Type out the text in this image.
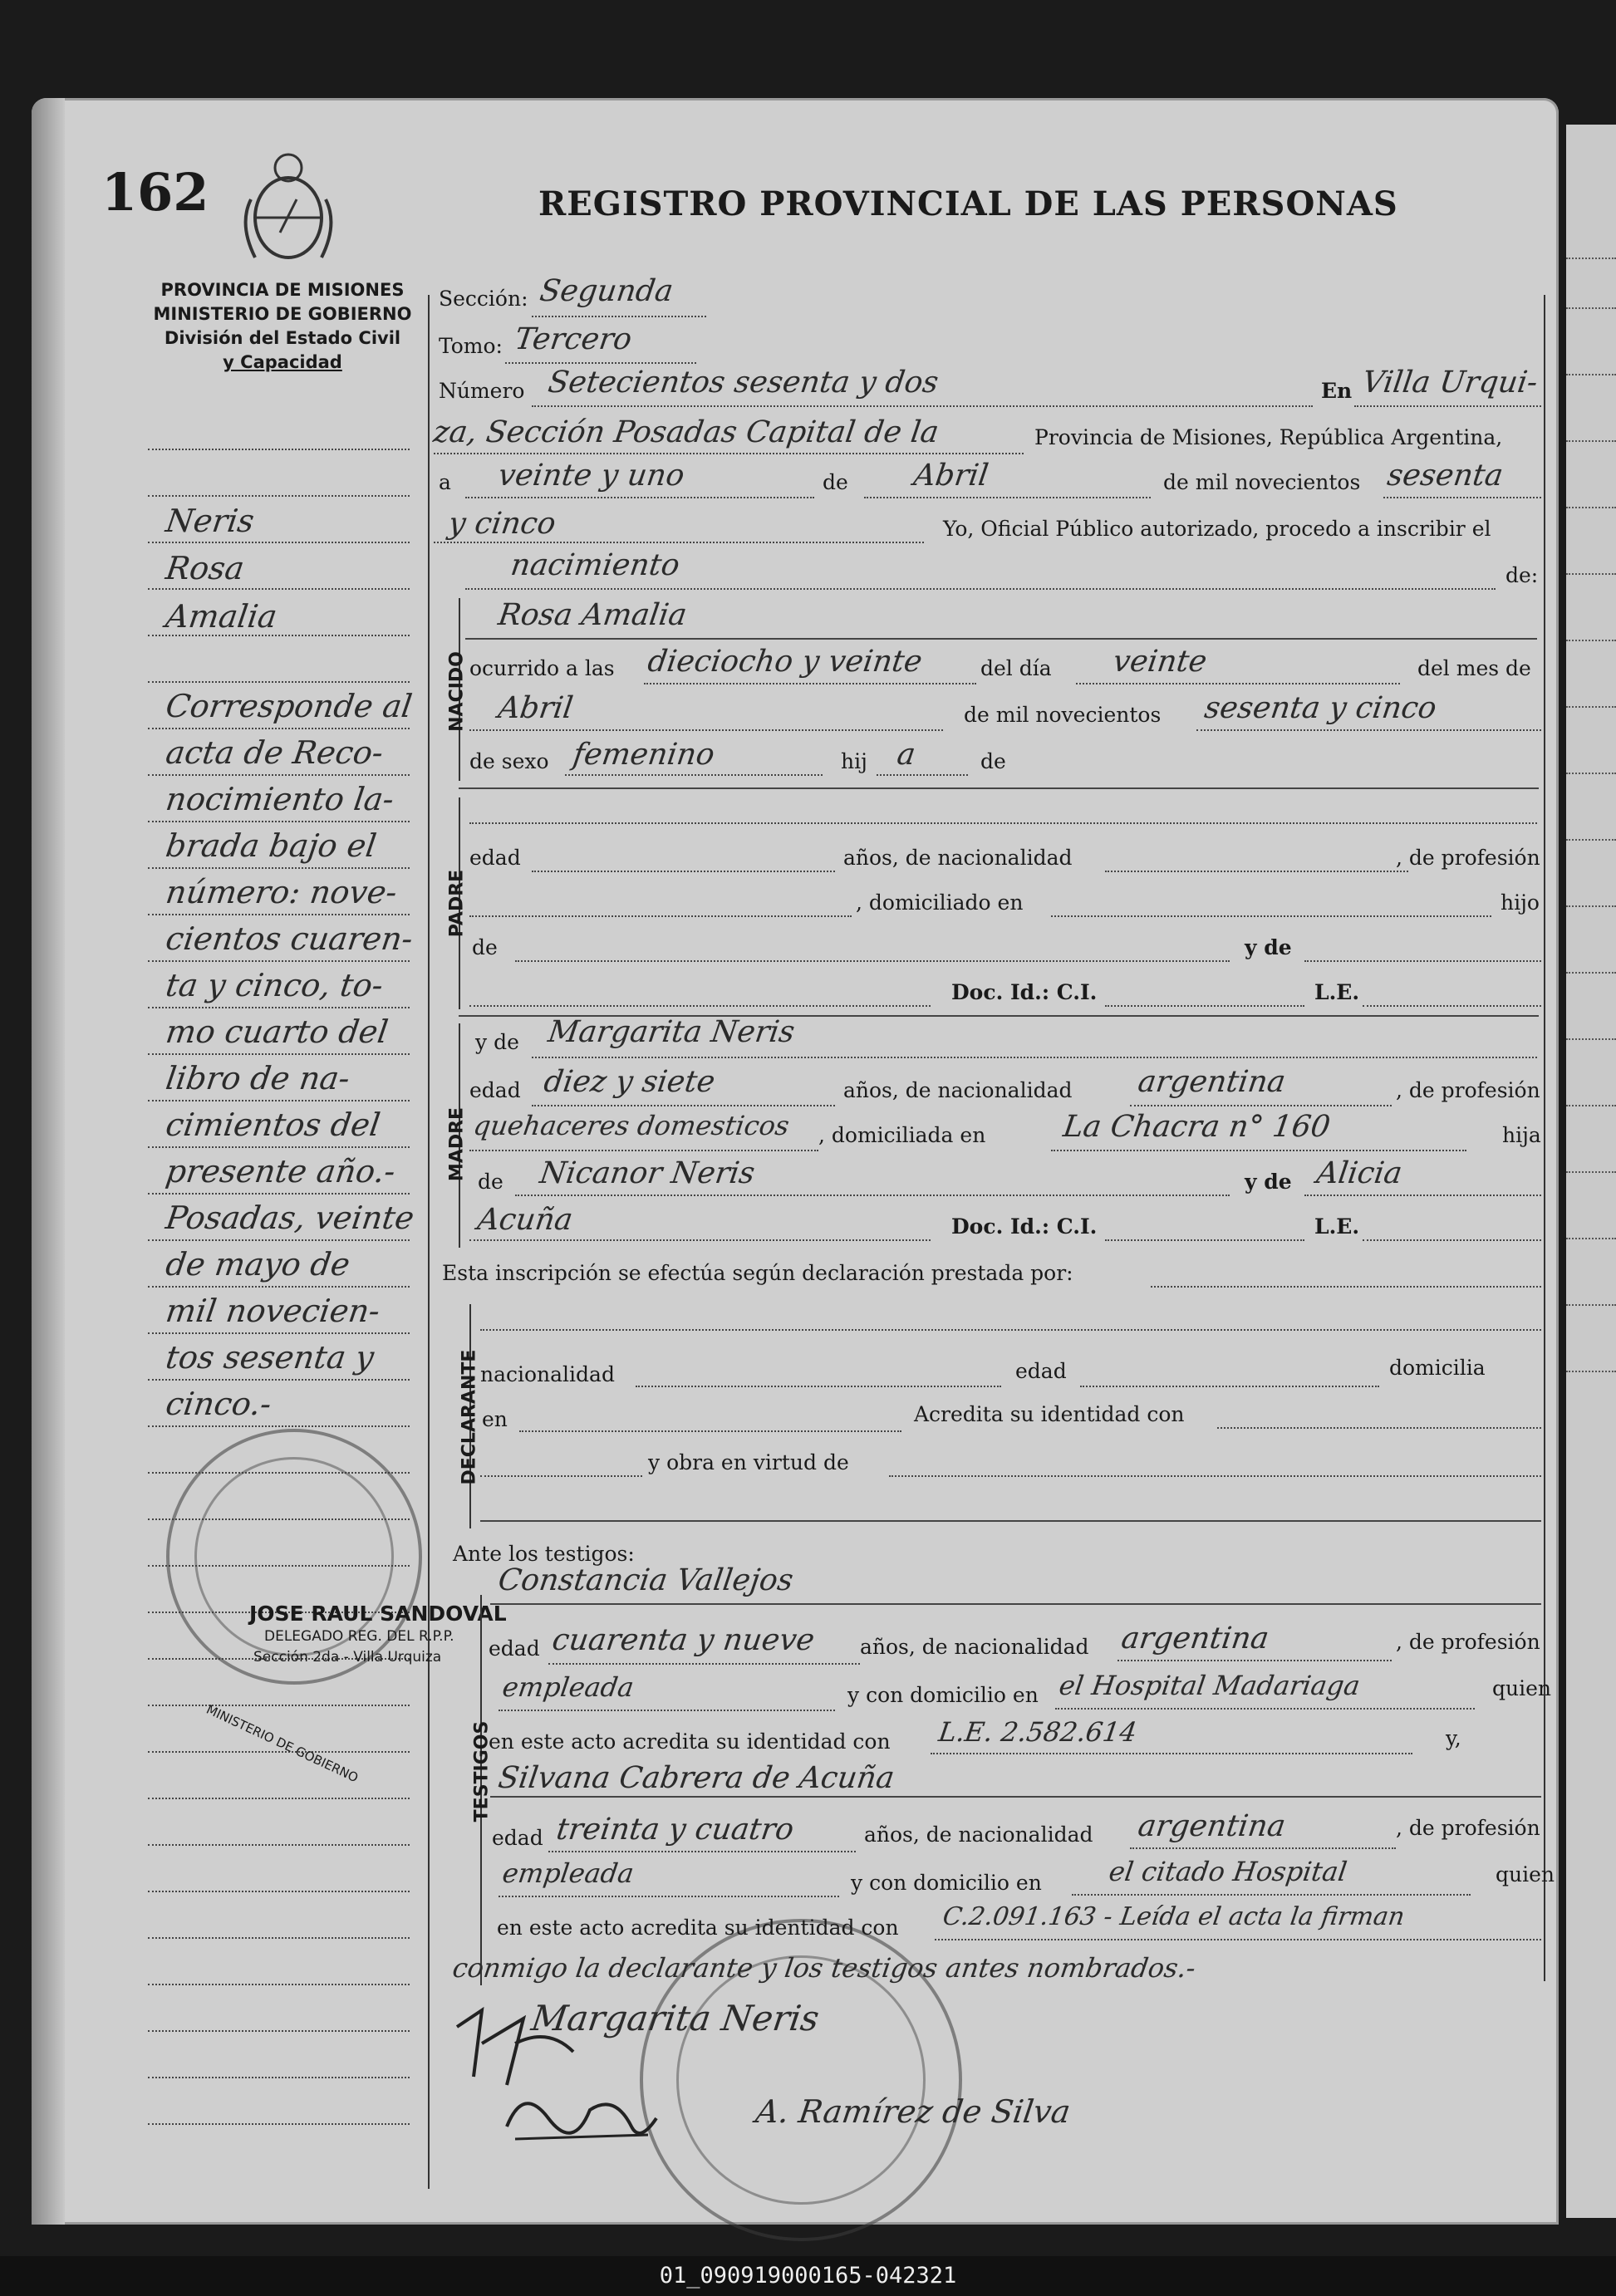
162	REGISTRO PROVINCIAL DE LAS PERSONAS
PROVINCIA DE MISIONES
MINISTERIO DE GOBIERNO
División del Estado Civil
y Capacidad
Neris
Rosa
Amalia
Corresponde al
acta de Reco-
nocimiento la-
brada bajo el
número: nove-
cientos cuaren-
ta y cinco, to-
mo cuarto del
libro de na-
cimientos del
presente año.-
Posadas, veinte
de mayo de
mil novecien-
tos sesenta y
cinco.-
JOSE RAUL SANDOVAL
DELEGADO REG. DEL R.P.P.
Sección 2da - Villa Urquiza
MINISTERIO DE GOBIERNO
Sección: Segunda
Tomo: Tercero
Número Setecientos sesenta y dos	En Villa Urqui-
za, Sección Posadas Capital de la	Provincia de Misiones, República Argentina,
a veinte y uno	de Abril	de mil novecientos sesenta
y cinco	Yo, Oficial Público autorizado, procedo a inscribir el
nacimiento	de:
NACIDO
Rosa Amalia
ocurrido a las dieciocho y veinte	del día veinte	del mes de
Abril	de mil novecientos sesenta y cinco
de sexo femenino	hij a	de
PADRE
edad	años, de nacionalidad	, de profesión
, domiciliado en	hijo
de	y de
Doc. Id.: C.I.	L.E.
MADRE
y de Margarita Neris
edad diez y siete	años, de nacionalidad argentina	, de profesión
quehaceres domesticos , domiciliada en	La Chacra n° 160	hija
de Nicanor Neris	y de Alicia
Acuña	Doc. Id.: C.I.	L.E.
Esta inscripción se efectúa según declaración prestada por:
DECLARANTE nacionalidad	edad	domicilia
en	Acredita su identidad con
y obra en virtud de
Ante los testigos:
TESTIGOS
Constancia Vallejos
edad cuarenta y nueve años, de nacionalidad argentina	, de profesión
empleada	y con domicilio en el Hospital Madariaga	quien
en este acto acredita su identidad con L.E. 2.582.614	y,
Silvana Cabrera de Acuña
edad treinta y cuatro	años, de nacionalidad argentina	, de profesión
empleada	y con domicilio en el citado Hospital	quien
en este acto acredita su identidad con C.2.091.163 - Leída el acta la firman
conmigo la declarante y los testigos antes nombrados.-
Margarita Neris
A. Ramírez de Silva
01_090919000165-042321
